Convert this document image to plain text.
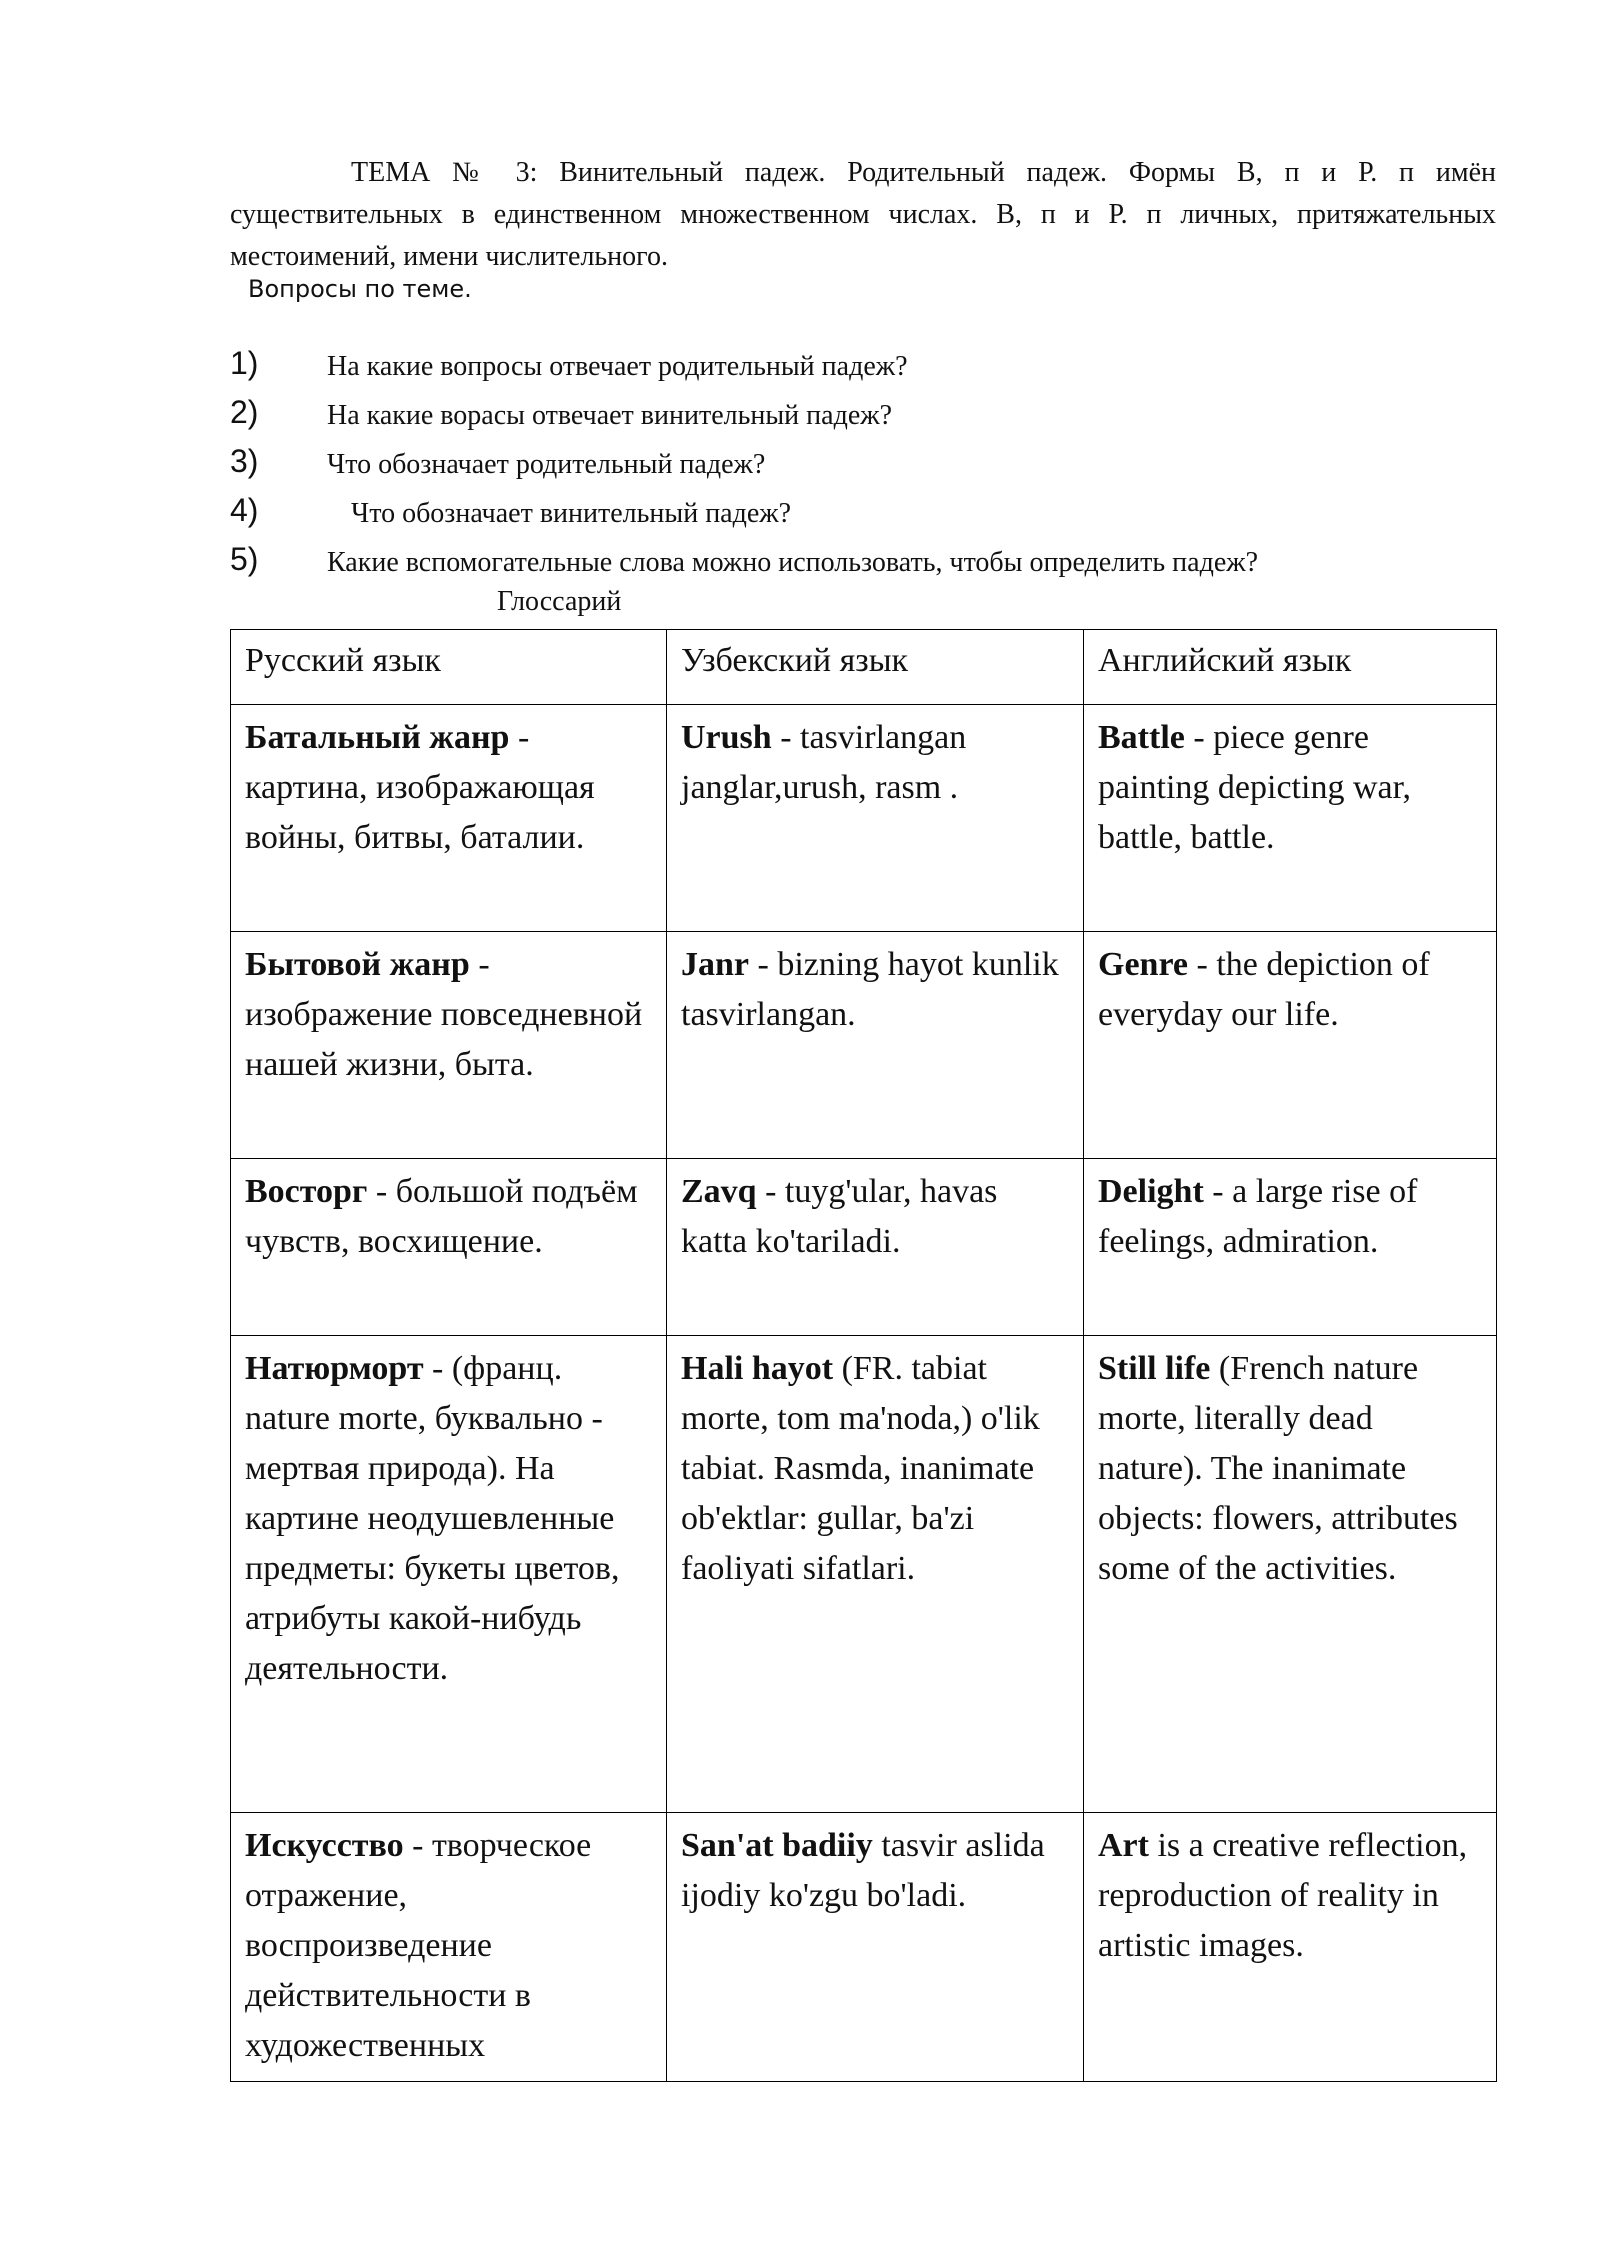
ТЕМА № 3: Винительный падеж. Родительный падеж. Формы В, п и Р. п имён существительных в единственном множественном числах. В, п и Р. п личных, притяжательных местоимений, имени числительного.

Вопросы по теме.

1) На какие вопросы отвечает родительный падеж?
2) На какие ворасы отвечает винительный падеж?
3) Что обозначает родительный падеж?
4)	Что обозначает винительный падеж?
5) Какие вспомогательные слова можно использовать, чтобы определить падеж?

Глоссарий

Русский язык	Узбекский язык	Английский язык
Батальный жанр - картина, изображающая войны, битвы, баталии.	Urush - tasvirlangan janglar,urush, rasm .	Battle - piece genre painting depicting war, battle, battle.
Бытовой жанр - изображение повседневной нашей жизни, быта.	Janr - bizning hayot kunlik tasvirlangan.	Genre - the depiction of everyday our life.
Восторг - большой подъём чувств, восхищение.	Zavq - tuyg'ular, havas katta ko'tariladi.	Delight - a large rise of feelings, admiration.
Натюрморт - (франц. nature morte, буквально - мертвая природа). На картине неодушевленные предметы: букеты цветов, атрибуты какой-нибудь деятельности.	Hali hayot (FR. tabiat morte, tom ma'noda,) o'lik tabiat. Rasmda, inanimate ob'ektlar: gullar, ba'zi faoliyati sifatlari.	Still life (French nature morte, literally dead nature). The inanimate objects: flowers, attributes some of the activities.
Искусство - творческое отражение, воспроизведение действительности в художественных	San'at badiiy tasvir aslida ijodiy ko'zgu bo'ladi.	Art is a creative reflection, reproduction of reality in artistic images.
